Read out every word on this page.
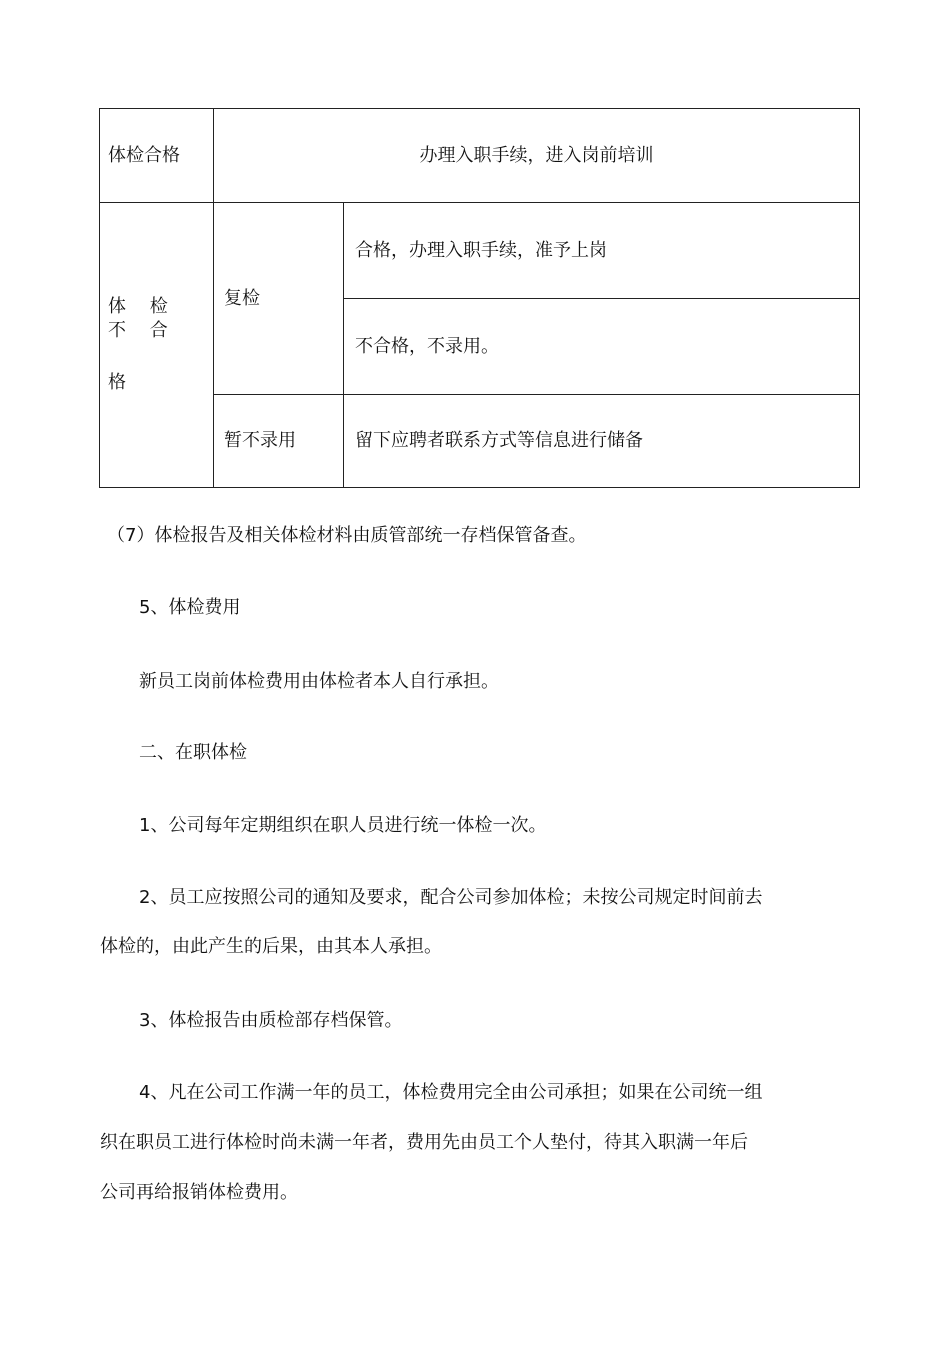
体检合格	办理入职手续，进入岗前培训
体 检 不 合
格
复检
合格，办理入职手续，准予上岗
不合格，不录用。
暂不录用	留下应聘者联系方式等信息进行储备
（7）体检报告及相关体检材料由质管部统一存档保管备查。
5、体检费用
新员工岗前体检费用由体检者本人自行承担。
二、在职体检
1、公司每年定期组织在职人员进行统一体检一次。
2、员工应按照公司的通知及要求，配合公司参加体检；未按公司规定时间前去
体检的，由此产生的后果，由其本人承担。
3、体检报告由质检部存档保管。
4、凡在公司工作满一年的员工，体检费用完全由公司承担；如果在公司统一组
织在职员工进行体检时尚未满一年者，费用先由员工个人垫付，待其入职满一年后
公司再给报销体检费用。
